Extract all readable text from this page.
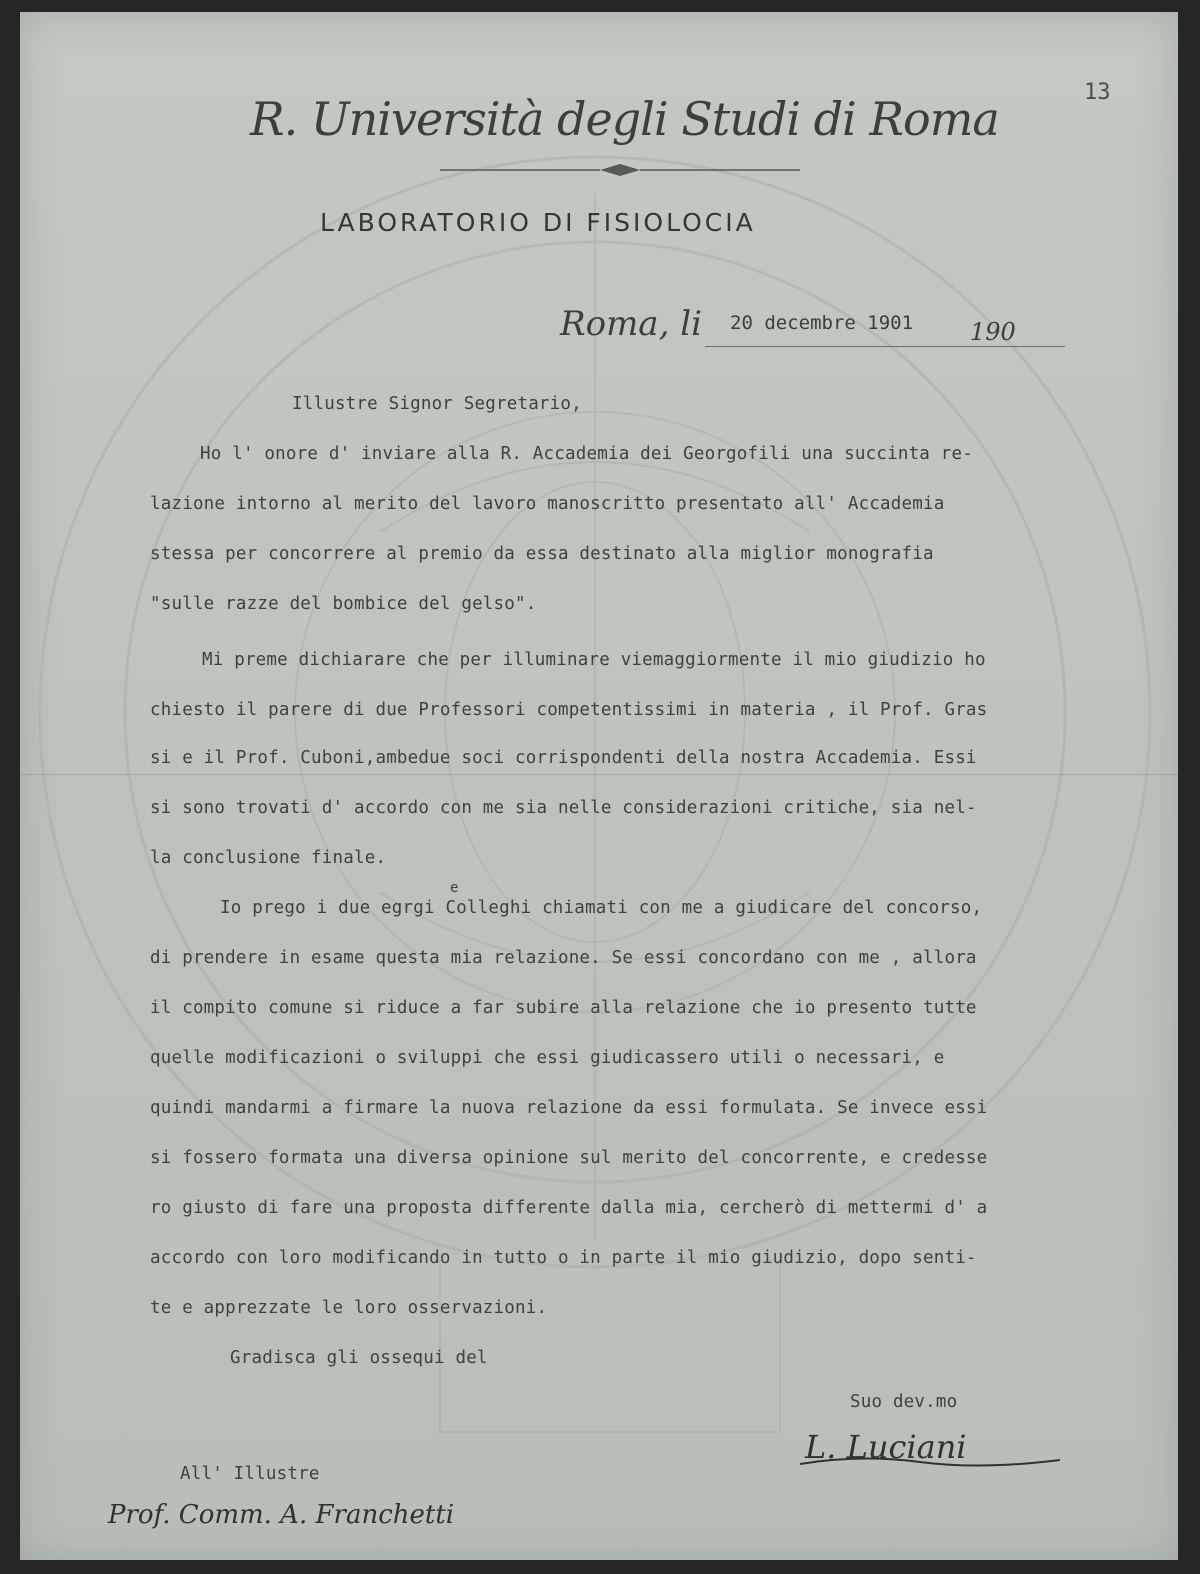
13
R. Università degli Studi di Roma
LABORATORIO DI FISIOLOCIA
Roma, li 20 decembre 1901 190
Illustre Signor Segretario,
Ho l' onore d' inviare alla R. Accademia dei Georgofili una succinta re-
lazione intorno al merito del lavoro manoscritto presentato all' Accademia
stessa per concorrere al premio da essa destinato alla miglior monografia
"sulle razze del bombice del gelso".
Mi preme dichiarare che per illuminare viemaggiormente il mio giudizio ho
chiesto il parere di due Professori competentissimi in materia , il Prof. Gras
si e il Prof. Cuboni,ambedue soci corrispondenti della nostra Accademia. Essi
si sono trovati d' accordo con me sia nelle considerazioni critiche, sia nel-
la conclusione finale.
e
Io prego i due egrgi Colleghi chiamati con me a giudicare del concorso,
di prendere in esame questa mia relazione. Se essi concordano con me , allora
il compito comune si riduce a far subire alla relazione che io presento tutte
quelle modificazioni o sviluppi che essi giudicassero utili o necessari, e
quindi mandarmi a firmare la nuova relazione da essi formulata. Se invece essi
si fossero formata una diversa opinione sul merito del concorrente, e credesse
ro giusto di fare una proposta differente dalla mia, cercherò di mettermi d' a
accordo con loro modificando in tutto o in parte il mio giudizio, dopo senti-
te e apprezzate le loro osservazioni.
Gradisca gli ossequi del
Suo dev.mo
L. Luciani
All' Illustre
Prof. Comm. A. Franchetti
